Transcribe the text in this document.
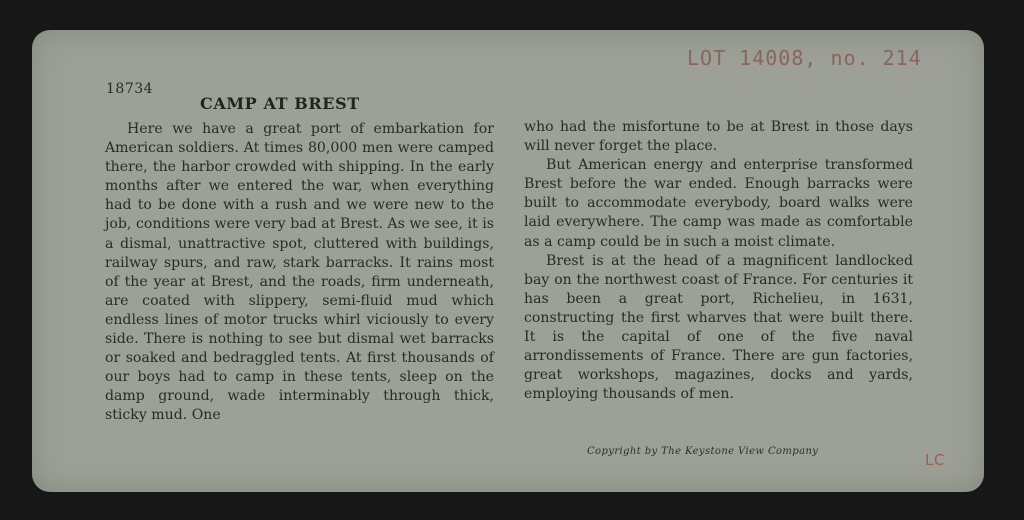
18734
CAMP AT BREST
LOT 14008, no. 214

Here we have a great port of embarkation for American soldiers. At times 80,000 men were camped there, the harbor crowded with shipping. In the early months after we entered the war, when everything had to be done with a rush and we were new to the job, conditions were very bad at Brest. As we see, it is a dismal, unattractive spot, cluttered with buildings, railway spurs, and raw, stark barracks. It rains most of the year at Brest, and the roads, firm underneath, are coated with slippery, semi-fluid mud which endless lines of motor trucks whirl viciously to every side. There is nothing to see but dismal wet barracks or soaked and bedraggled tents. At first thousands of our boys had to camp in these tents, sleep on the damp ground, wade interminably through thick, sticky mud. One

who had the misfortune to be at Brest in those days will never forget the place.

But American energy and enterprise transformed Brest before the war ended. Enough barracks were built to accommodate everybody, board walks were laid everywhere. The camp was made as comfortable as a camp could be in such a moist climate.

Brest is at the head of a magnificent landlocked bay on the northwest coast of France. For centuries it has been a great port, Richelieu, in 1631, constructing the first wharves that were built there. It is the capital of one of the five naval arrondissements of France. There are gun factories, great workshops, magazines, docks and yards, employing thousands of men.

Copyright by The Keystone View Company	LC
